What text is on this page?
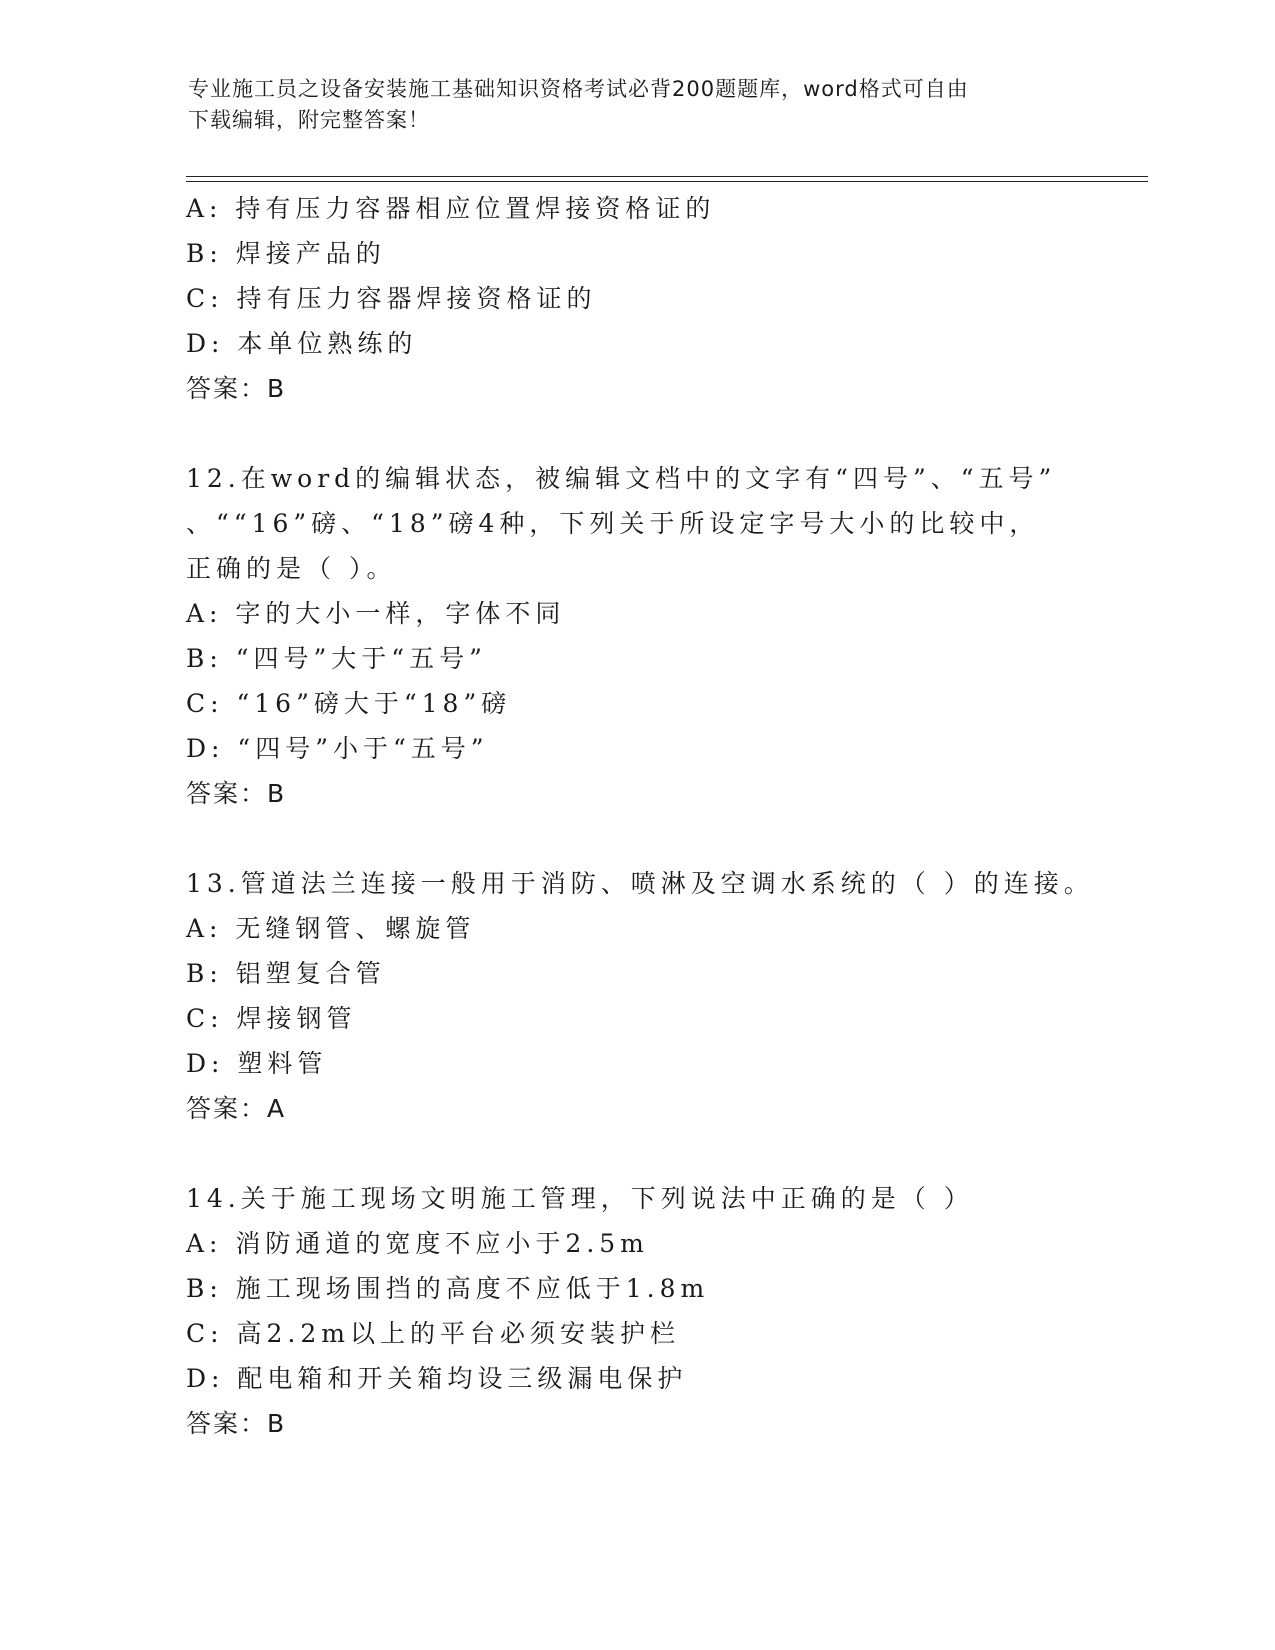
专业施工员之设备安装施工基础知识资格考试必背200题题库，word格式可自由
下载编辑，附完整答案！
A: 持有压力容器相应位置焊接资格证的
B: 焊接产品的
C: 持有压力容器焊接资格证的
D: 本单位熟练的
答案：B
12.在word的编辑状态，被编辑文档中的文字有“四号”、“五号”
、““16”磅、“18”磅4种，下列关于所设定字号大小的比较中，
正确的是（ ）。
A: 字的大小一样，字体不同
B: “四号”大于“五号”
C: “16”磅大于“18”磅
D: “四号”小于“五号”
答案：B
13.管道法兰连接一般用于消防、喷淋及空调水系统的（ ）的连接。
A: 无缝钢管、螺旋管
B: 铝塑复合管
C: 焊接钢管
D: 塑料管
答案：A
14.关于施工现场文明施工管理，下列说法中正确的是（ ）
A: 消防通道的宽度不应小于2.5m
B: 施工现场围挡的高度不应低于1.8m
C: 高2.2m以上的平台必须安装护栏
D: 配电箱和开关箱均设三级漏电保护
答案：B
